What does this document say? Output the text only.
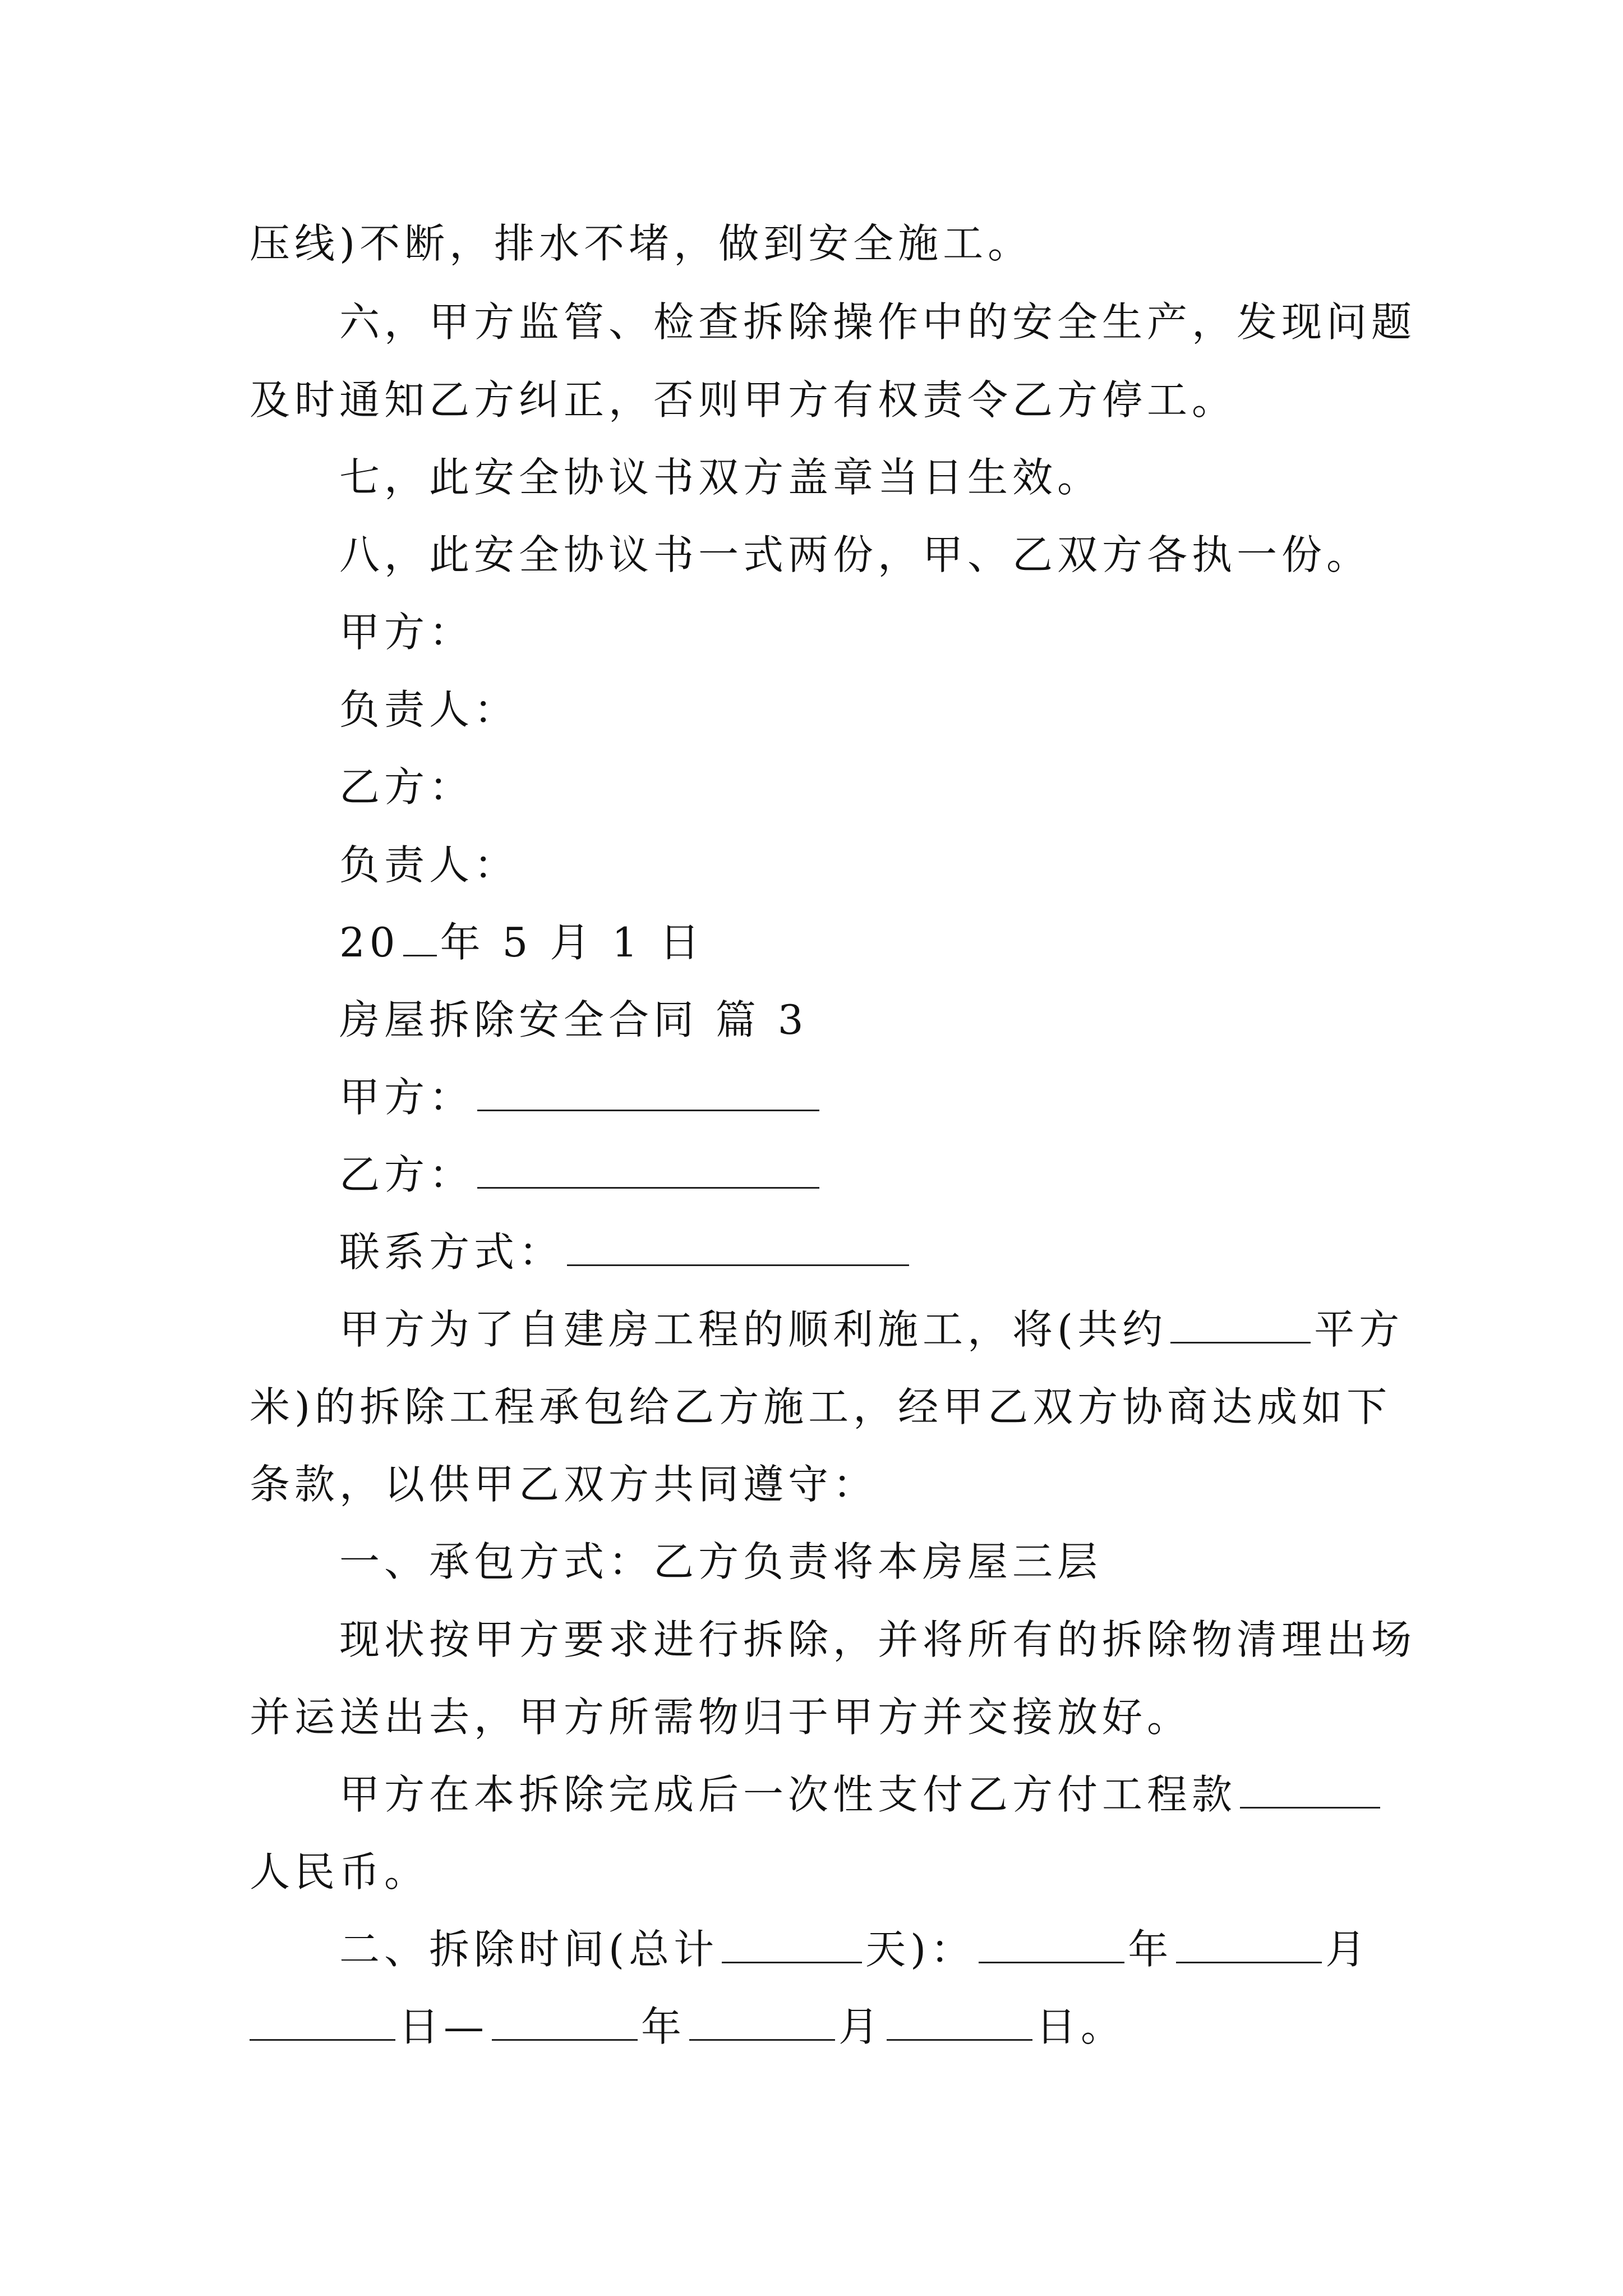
压线)不断，排水不堵，做到安全施工。
六，甲方监管、检查拆除操作中的安全生产，发现问题
及时通知乙方纠正，否则甲方有权责令乙方停工。
七，此安全协议书双方盖章当日生效。
八，此安全协议书一式两份，甲、乙双方各执一份。
甲方：
负责人：
乙方：
负责人：
20 年 5 月 1 日
房屋拆除安全合同 篇 3
甲方：
乙方：
联系方式：
甲方为了自建房工程的顺利施工，将(共约	平方
米)的拆除工程承包给乙方施工，经甲乙双方协商达成如下
条款，以供甲乙双方共同遵守：
一、承包方式：乙方负责将本房屋三层
现状按甲方要求进行拆除，并将所有的拆除物清理出场
并运送出去，甲方所需物归于甲方并交接放好。
甲方在本拆除完成后一次性支付乙方付工程款
人民币。
二、拆除时间(总计	天)：	年	月
日—	年	月	日。
